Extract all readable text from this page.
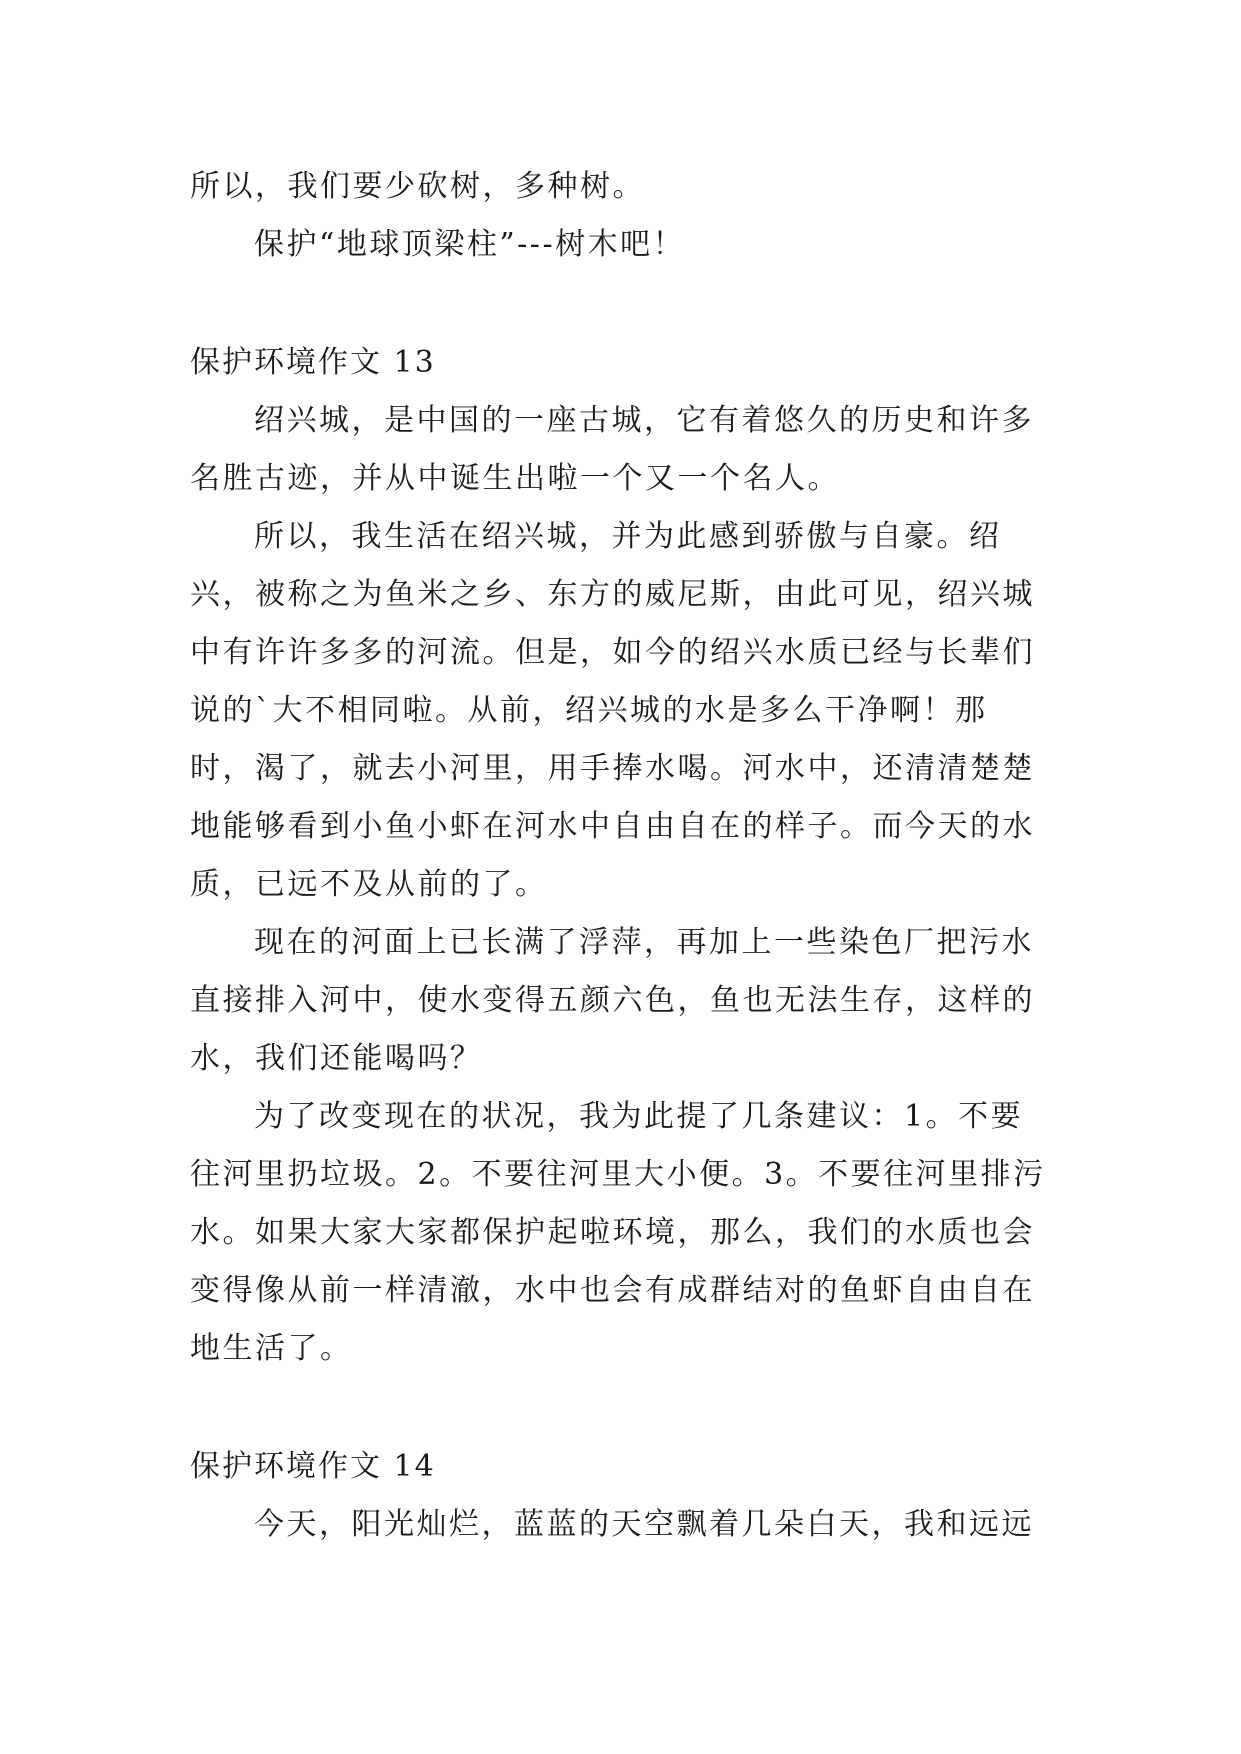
所以，我们要少砍树，多种树。

保护“地球顶梁柱”---树木吧！

保护环境作文 13

绍兴城，是中国的一座古城，它有着悠久的历史和许多名胜古迹，并从中诞生出啦一个又一个名人。

所以，我生活在绍兴城，并为此感到骄傲与自豪。绍兴，被称之为鱼米之乡、东方的威尼斯，由此可见，绍兴城中有许许多多的河流。但是，如今的绍兴水质已经与长辈们说的`大不相同啦。从前，绍兴城的水是多么干净啊！那时，渴了，就去小河里，用手捧水喝。河水中，还清清楚楚地能够看到小鱼小虾在河水中自由自在的样子。而今天的水质，已远不及从前的了。

现在的河面上已长满了浮萍，再加上一些染色厂把污水直接排入河中，使水变得五颜六色，鱼也无法生存，这样的水，我们还能喝吗？

为了改变现在的状况，我为此提了几条建议：1。不要往河里扔垃圾。2。不要往河里大小便。3。不要往河里排污水。如果大家大家都保护起啦环境，那么，我们的水质也会变得像从前一样清澈，水中也会有成群结对的鱼虾自由自在地生活了。

保护环境作文 14

今天，阳光灿烂，蓝蓝的天空飘着几朵白天，我和远远
